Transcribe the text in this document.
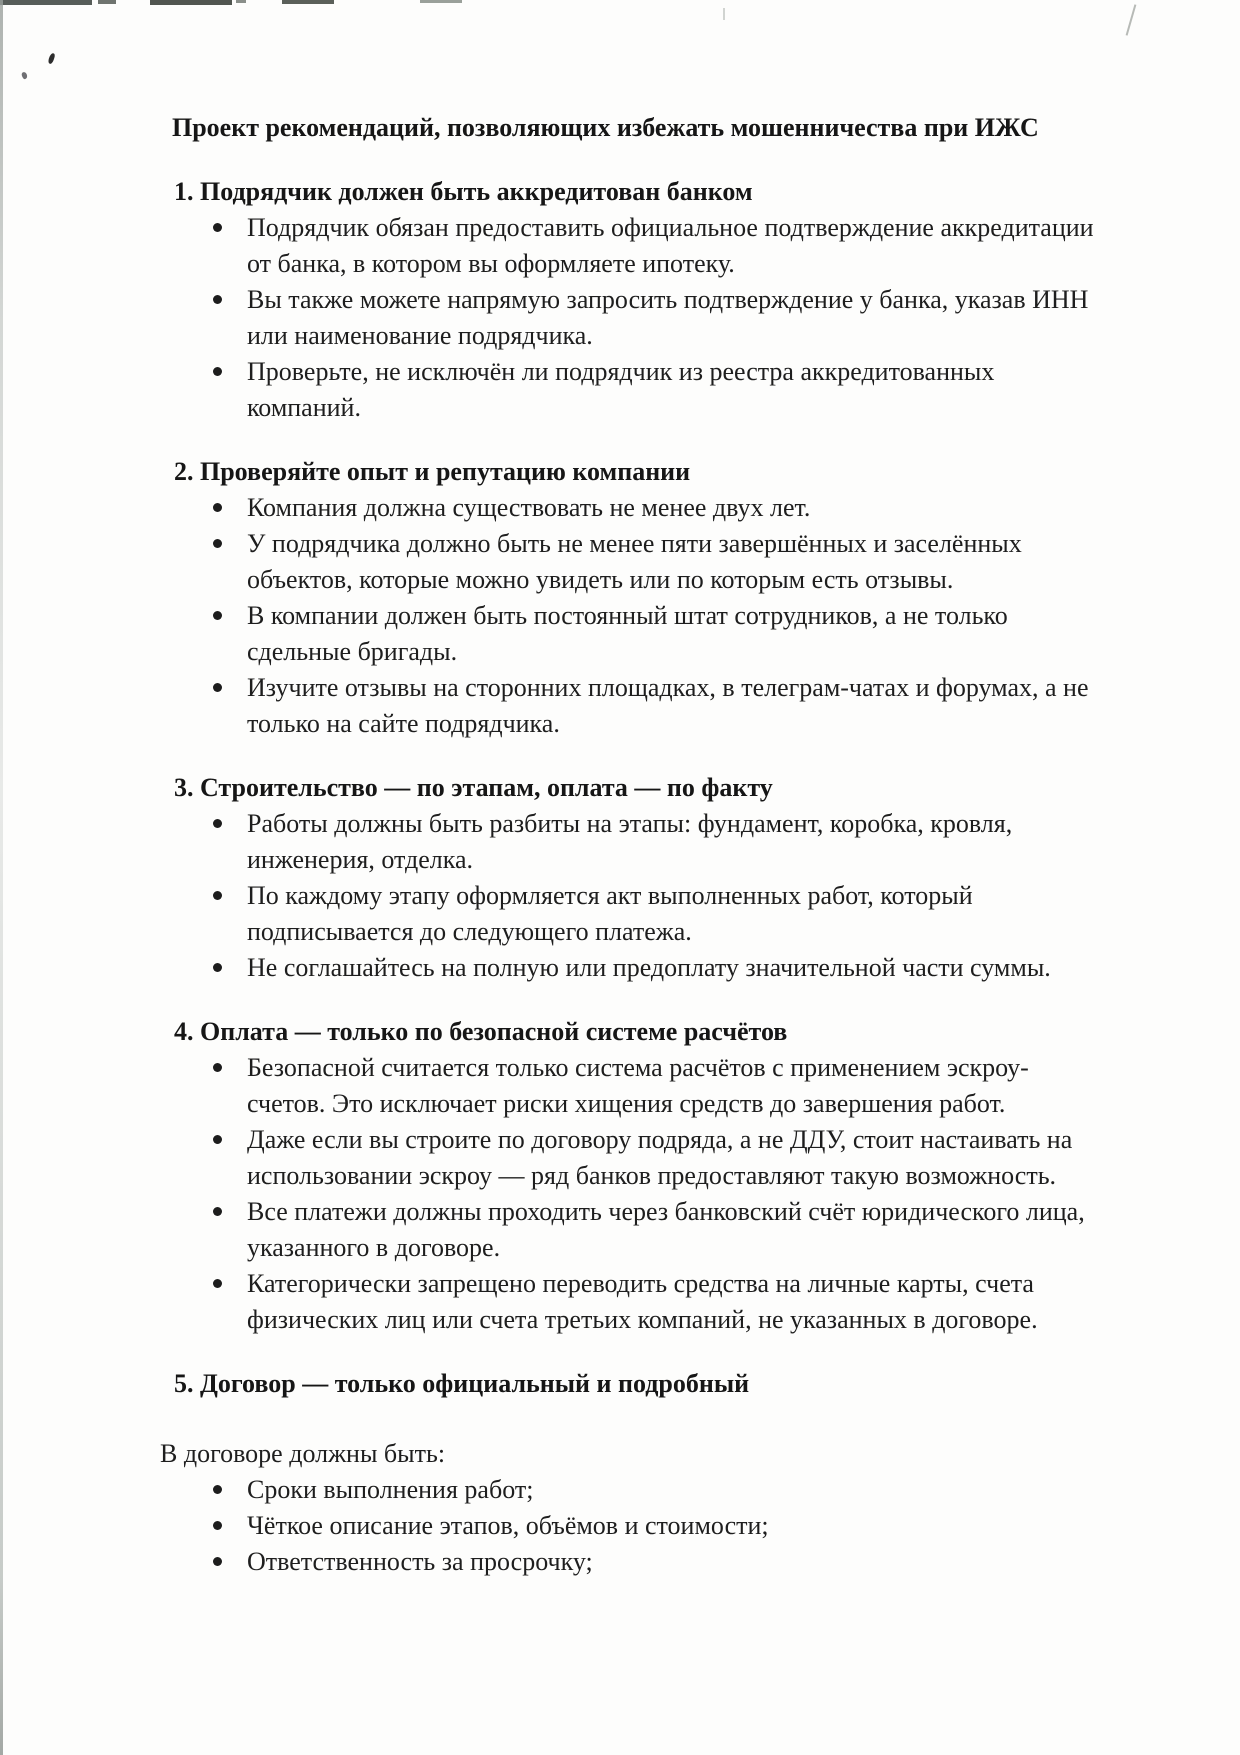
Проект рекомендаций, позволяющих избежать мошенничества при ИЖС
1. Подрядчик должен быть аккредитован банком
Подрядчик обязан предоставить официальное подтверждение аккредитации от банка, в котором вы оформляете ипотеку.
Вы также можете напрямую запросить подтверждение у банка, указав ИНН или наименование подрядчика.
Проверьте, не исключён ли подрядчик из реестра аккредитованных компаний.
2. Проверяйте опыт и репутацию компании
Компания должна существовать не менее двух лет.
У подрядчика должно быть не менее пяти завершённых и заселённых объектов, которые можно увидеть или по которым есть отзывы.
В компании должен быть постоянный штат сотрудников, а не только сдельные бригады.
Изучите отзывы на сторонних площадках, в телеграм-чатах и форумах, а не только на сайте подрядчика.
3. Строительство — по этапам, оплата — по факту
Работы должны быть разбиты на этапы: фундамент, коробка, кровля, инженерия, отделка.
По каждому этапу оформляется акт выполненных работ, который подписывается до следующего платежа.
Не соглашайтесь на полную или предоплату значительной части суммы.
4. Оплата — только по безопасной системе расчётов
Безопасной считается только система расчётов с применением эскроу-счетов. Это исключает риски хищения средств до завершения работ.
Даже если вы строите по договору подряда, а не ДДУ, стоит настаивать на использовании эскроу — ряд банков предоставляют такую возможность.
Все платежи должны проходить через банковский счёт юридического лица, указанного в договоре.
Категорически запрещено переводить средства на личные карты, счета физических лиц или счета третьих компаний, не указанных в договоре.
5. Договор — только официальный и подробный

В договоре должны быть:

Сроки выполнения работ;
Чёткое описание этапов, объёмов и стоимости;
Ответственность за просрочку;
